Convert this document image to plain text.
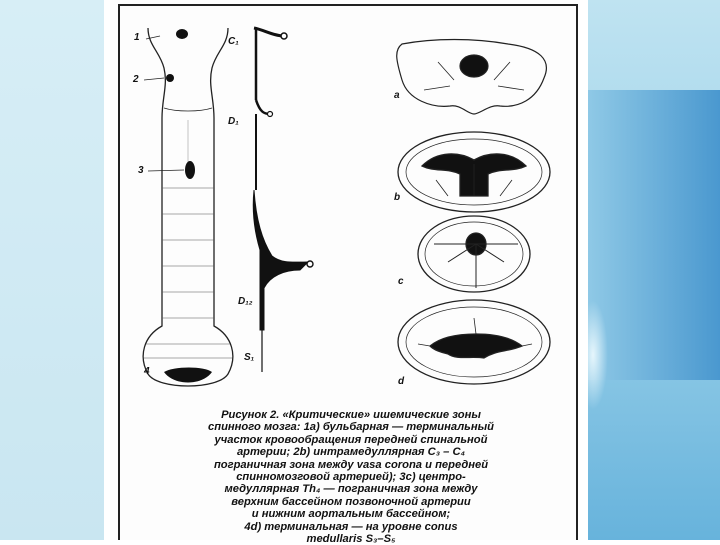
1
2
3
4
C₁
D₁
D₁₂
S₁
a
b
c
d
Рисунок 2. «Критические» ишемические зоны
спинного мозга: 1а) бульбарная — терминальный
участок кровообращения передней спинальной
артерии; 2b) интрамедуллярная C₃ – C₄
пограничная зона между vasa corona и передней
спинномозговой артерией); 3c) центро-
медуллярная Th₄ — пограничная зона между
верхним бассейном позвоночной артерии
и нижним аортальным бассейном;
4d) терминальная — на уровне conus
medullaris S₃–S₅
